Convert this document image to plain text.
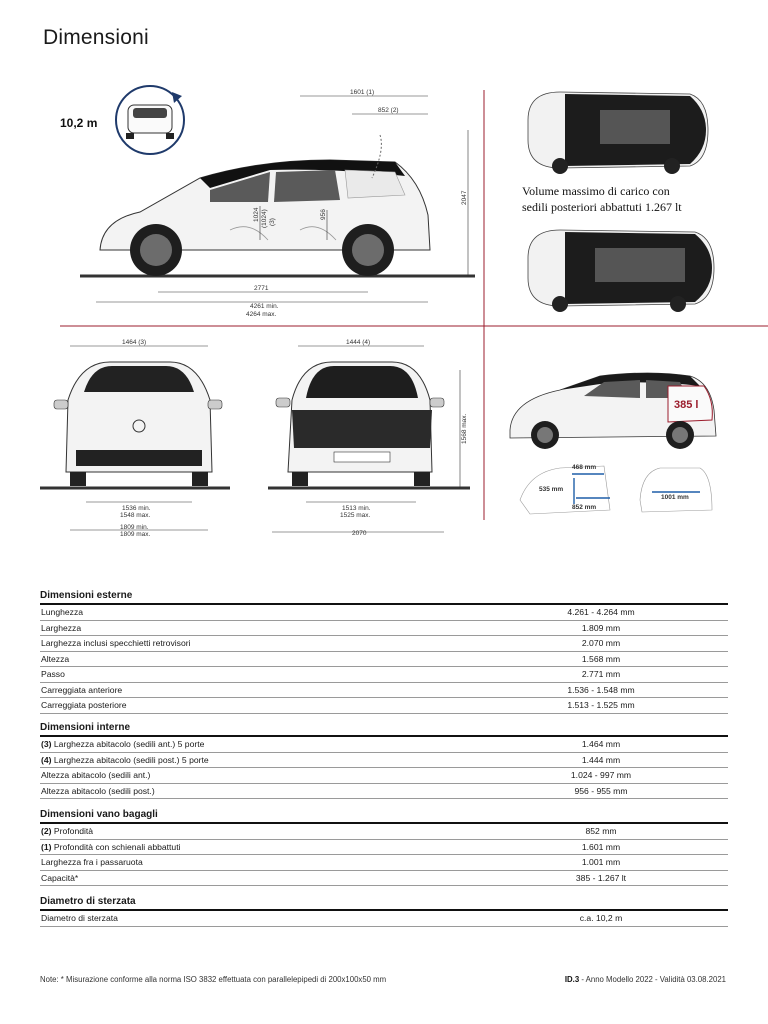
Dimensioni
10,2 m
1601 (1)
852 (2)
2047
1024 (1024) (3)
956
2771
4261 min.
4264 max.
Volume massimo di carico con
sedili posteriori abbattuti 1.267 lt
1464 (3)
1536 min.
1548 max.
1809 min.
1809 max.
1444 (4)
1568 max.
1513 min.
1525 max.
2070
385 l
468 mm
535 mm
852 mm
1001 mm
Dimensioni esterne
Lunghezza	4.261 - 4.264 mm
Larghezza	1.809 mm
Larghezza inclusi specchietti retrovisori	2.070 mm
Altezza	1.568 mm
Passo	2.771 mm
Carreggiata anteriore	1.536 - 1.548 mm
Carreggiata posteriore	1.513 - 1.525 mm
Dimensioni interne
(3) Larghezza abitacolo (sedili ant.) 5 porte	1.464 mm
(4) Larghezza abitacolo (sedili post.) 5 porte	1.444 mm
Altezza abitacolo (sedili ant.)	1.024 - 997 mm
Altezza abitacolo (sedili post.)	956 - 955 mm
Dimensioni vano bagagli
(2) Profondità	852 mm
(1) Profondità con schienali abbattuti	1.601 mm
Larghezza fra i passaruota	1.001 mm
Capacità*	385 - 1.267 lt
Diametro di sterzata
Diametro di sterzata	c.a. 10,2 m
Note: * Misurazione conforme alla norma ISO 3832 effettuata con parallelepipedi di 200x100x50 mm	ID.3 - Anno Modello 2022 - Validità 03.08.2021
